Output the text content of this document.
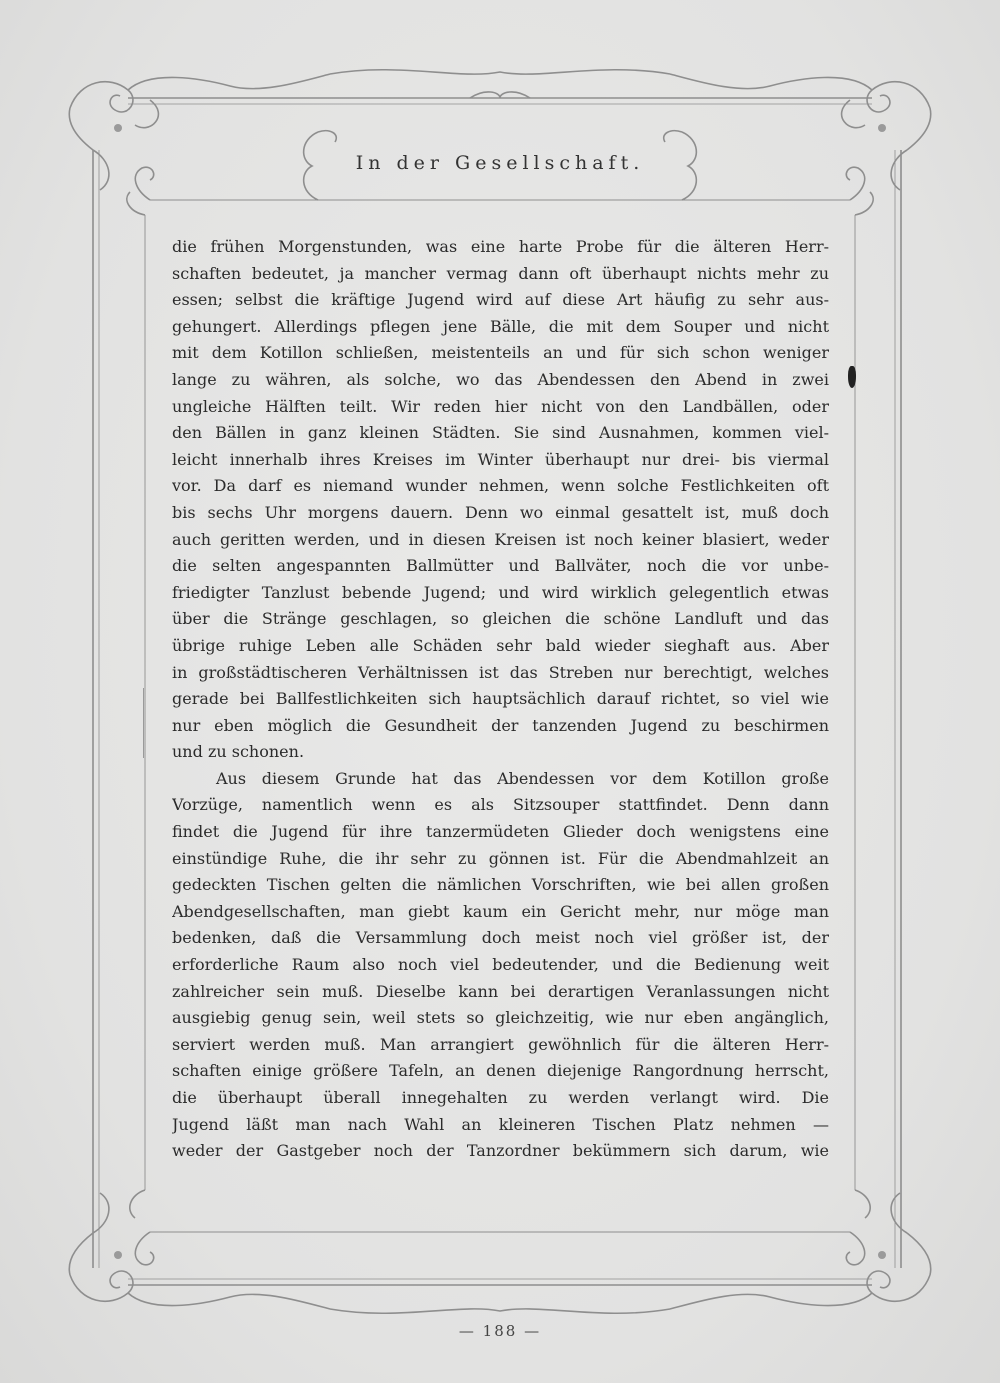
In der Gesellschaft.

die frühen Morgenstunden, was eine harte Probe für die älteren Herr-

schaften bedeutet, ja mancher vermag dann oft überhaupt nichts mehr zu

essen; selbst die kräftige Jugend wird auf diese Art häufig zu sehr aus-

gehungert. Allerdings pflegen jene Bälle, die mit dem Souper und nicht

mit dem Kotillon schließen, meistenteils an und für sich schon weniger

lange zu währen, als solche, wo das Abendessen den Abend in zwei

ungleiche Hälften teilt. Wir reden hier nicht von den Landbällen, oder

den Bällen in ganz kleinen Städten. Sie sind Ausnahmen, kommen viel-

leicht innerhalb ihres Kreises im Winter überhaupt nur drei- bis viermal

vor. Da darf es niemand wunder nehmen, wenn solche Festlichkeiten oft

bis sechs Uhr morgens dauern. Denn wo einmal gesattelt ist, muß doch

auch geritten werden, und in diesen Kreisen ist noch keiner blasiert, weder

die selten angespannten Ballmütter und Ballväter, noch die vor unbe-

friedigter Tanzlust bebende Jugend; und wird wirklich gelegentlich etwas

über die Stränge geschlagen, so gleichen die schöne Landluft und das

übrige ruhige Leben alle Schäden sehr bald wieder sieghaft aus. Aber

in großstädtischeren Verhältnissen ist das Streben nur berechtigt, welches

gerade bei Ballfestlichkeiten sich hauptsächlich darauf richtet, so viel wie

nur eben möglich die Gesundheit der tanzenden Jugend zu beschirmen

und zu schonen.

Aus diesem Grunde hat das Abendessen vor dem Kotillon große

Vorzüge, namentlich wenn es als Sitzsouper stattfindet. Denn dann

findet die Jugend für ihre tanzermüdeten Glieder doch wenigstens eine

einstündige Ruhe, die ihr sehr zu gönnen ist. Für die Abendmahlzeit an

gedeckten Tischen gelten die nämlichen Vorschriften, wie bei allen großen

Abendgesellschaften, man giebt kaum ein Gericht mehr, nur möge man

bedenken, daß die Versammlung doch meist noch viel größer ist, der

erforderliche Raum also noch viel bedeutender, und die Bedienung weit

zahlreicher sein muß. Dieselbe kann bei derartigen Veranlassungen nicht

ausgiebig genug sein, weil stets so gleichzeitig, wie nur eben angänglich,

serviert werden muß. Man arrangiert gewöhnlich für die älteren Herr-

schaften einige größere Tafeln, an denen diejenige Rangordnung herrscht,

die überhaupt überall innegehalten zu werden verlangt wird. Die

Jugend läßt man nach Wahl an kleineren Tischen Platz nehmen —

weder der Gastgeber noch der Tanzordner bekümmern sich darum, wie

— 188 —
